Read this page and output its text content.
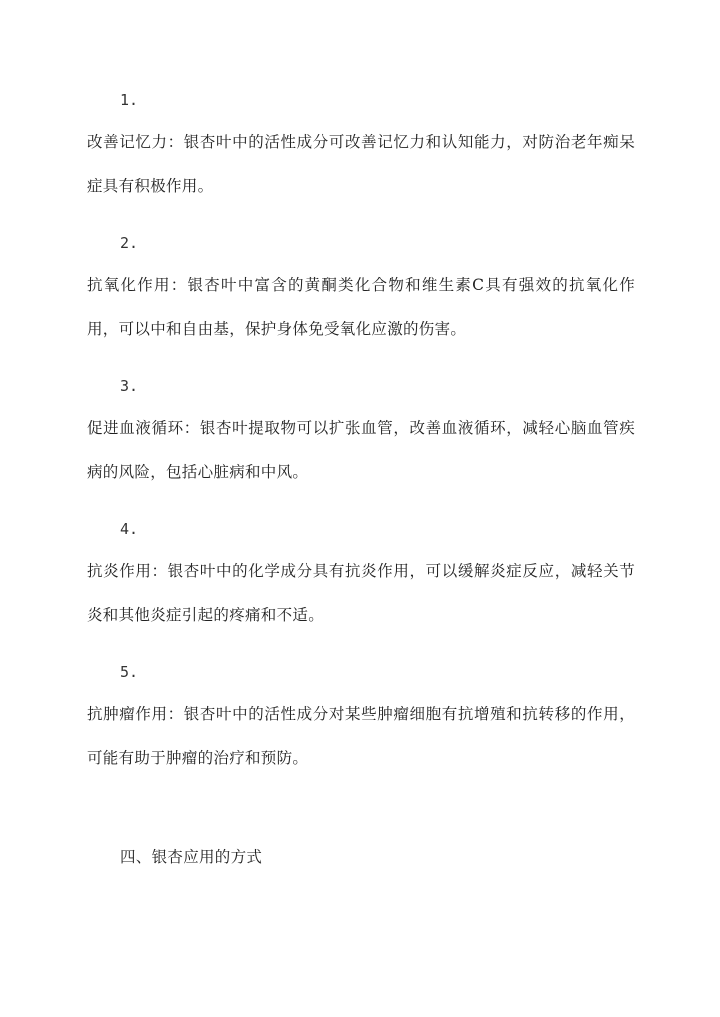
1.

改善记忆力：银杏叶中的活性成分可改善记忆力和认知能力，对防治老年痴呆症具有积极作用。

2.

抗氧化作用：银杏叶中富含的黄酮类化合物和维生素C具有强效的抗氧化作用，可以中和自由基，保护身体免受氧化应激的伤害。

3.

促进血液循环：银杏叶提取物可以扩张血管，改善血液循环，减轻心脑血管疾病的风险，包括心脏病和中风。

4.

抗炎作用：银杏叶中的化学成分具有抗炎作用，可以缓解炎症反应，减轻关节炎和其他炎症引起的疼痛和不适。

5.

抗肿瘤作用：银杏叶中的活性成分对某些肿瘤细胞有抗增殖和抗转移的作用，可能有助于肿瘤的治疗和预防。

四、银杏应用的方式
